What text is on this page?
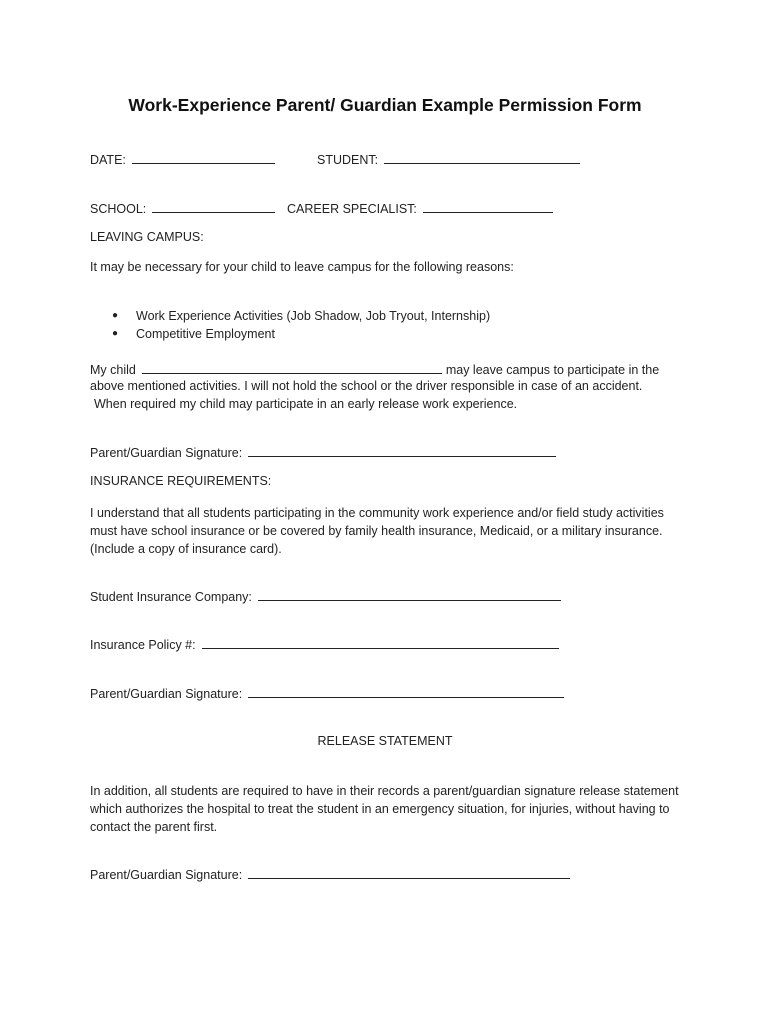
Work-Experience Parent/ Guardian Example Permission Form
DATE:	STUDENT:
SCHOOL:	CAREER SPECIALIST:
LEAVING CAMPUS:
It may be necessary for your child to leave campus for the following reasons:
● Work Experience Activities (Job Shadow, Job Tryout, Internship)
● Competitive Employment
My child	may leave campus to participate in the
above mentioned activities. I will not hold the school or the driver responsible in case of an accident.
When required my child may participate in an early release work experience.
Parent/Guardian Signature:
INSURANCE REQUIREMENTS:
I understand that all students participating in the community work experience and/or field study activities must have school insurance or be covered by family health insurance, Medicaid, or a military insurance. (Include a copy of insurance card).
Student Insurance Company:
Insurance Policy #:
Parent/Guardian Signature:
RELEASE STATEMENT
In addition, all students are required to have in their records a parent/guardian signature release statement which authorizes the hospital to treat the student in an emergency situation, for injuries, without having to contact the parent first.
Parent/Guardian Signature:
